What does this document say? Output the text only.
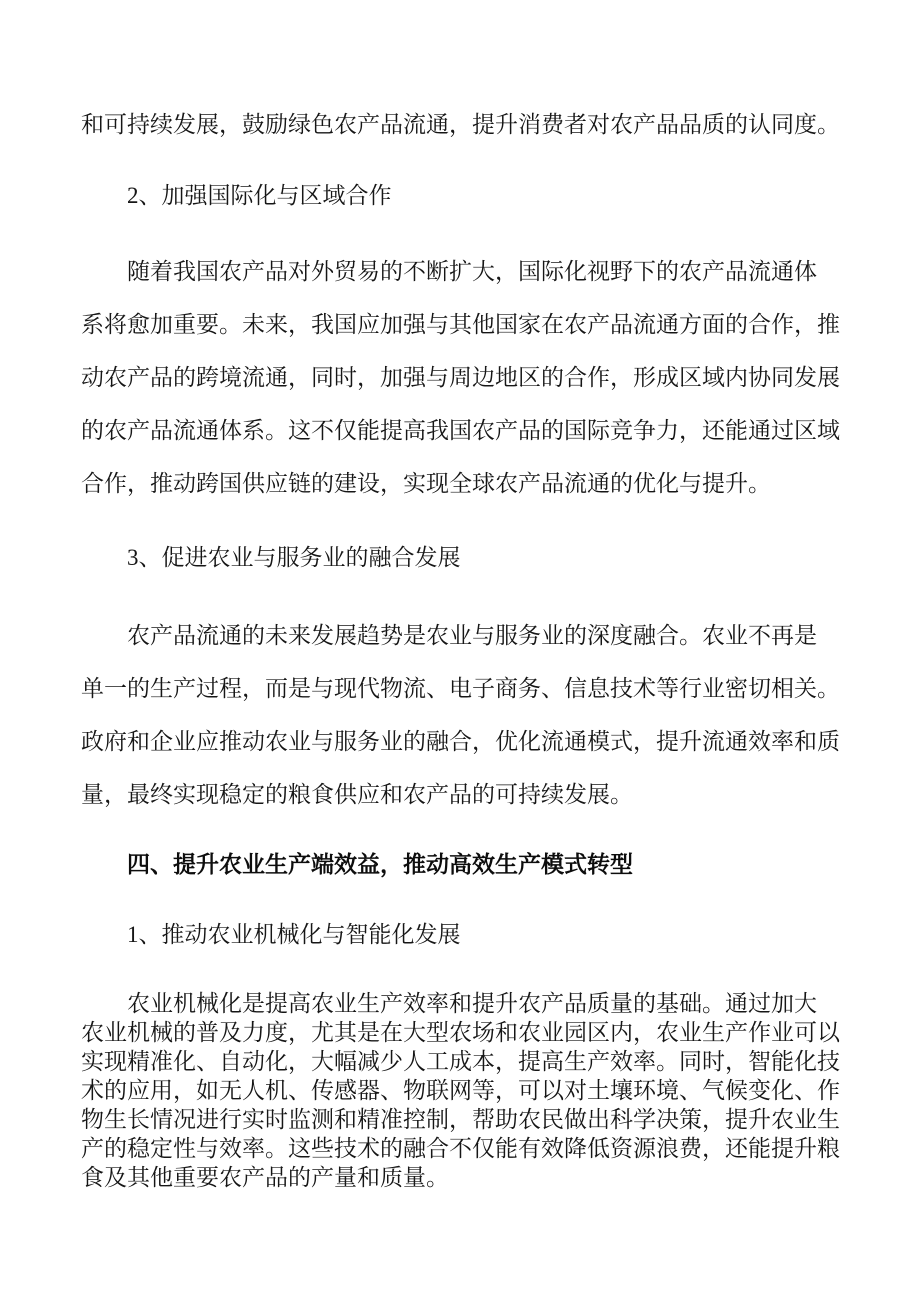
和可持续发展，鼓励绿色农产品流通，提升消费者对农产品品质的认同度。
2、加强国际化与区域合作
随着我国农产品对外贸易的不断扩大，国际化视野下的农产品流通体
系将愈加重要。未来，我国应加强与其他国家在农产品流通方面的合作，推
动农产品的跨境流通，同时，加强与周边地区的合作，形成区域内协同发展
的农产品流通体系。这不仅能提高我国农产品的国际竞争力，还能通过区域
合作，推动跨国供应链的建设，实现全球农产品流通的优化与提升。
3、促进农业与服务业的融合发展
农产品流通的未来发展趋势是农业与服务业的深度融合。农业不再是
单一的生产过程，而是与现代物流、电子商务、信息技术等行业密切相关。
政府和企业应推动农业与服务业的融合，优化流通模式，提升流通效率和质
量，最终实现稳定的粮食供应和农产品的可持续发展。
四、提升农业生产端效益，推动高效生产模式转型
1、推动农业机械化与智能化发展
农业机械化是提高农业生产效率和提升农产品质量的基础。通过加大
农业机械的普及力度，尤其是在大型农场和农业园区内，农业生产作业可以
实现精准化、自动化，大幅减少人工成本，提高生产效率。同时，智能化技
术的应用，如无人机、传感器、物联网等，可以对土壤环境、气候变化、作
物生长情况进行实时监测和精准控制，帮助农民做出科学决策，提升农业生
产的稳定性与效率。这些技术的融合不仅能有效降低资源浪费，还能提升粮
食及其他重要农产品的产量和质量。
